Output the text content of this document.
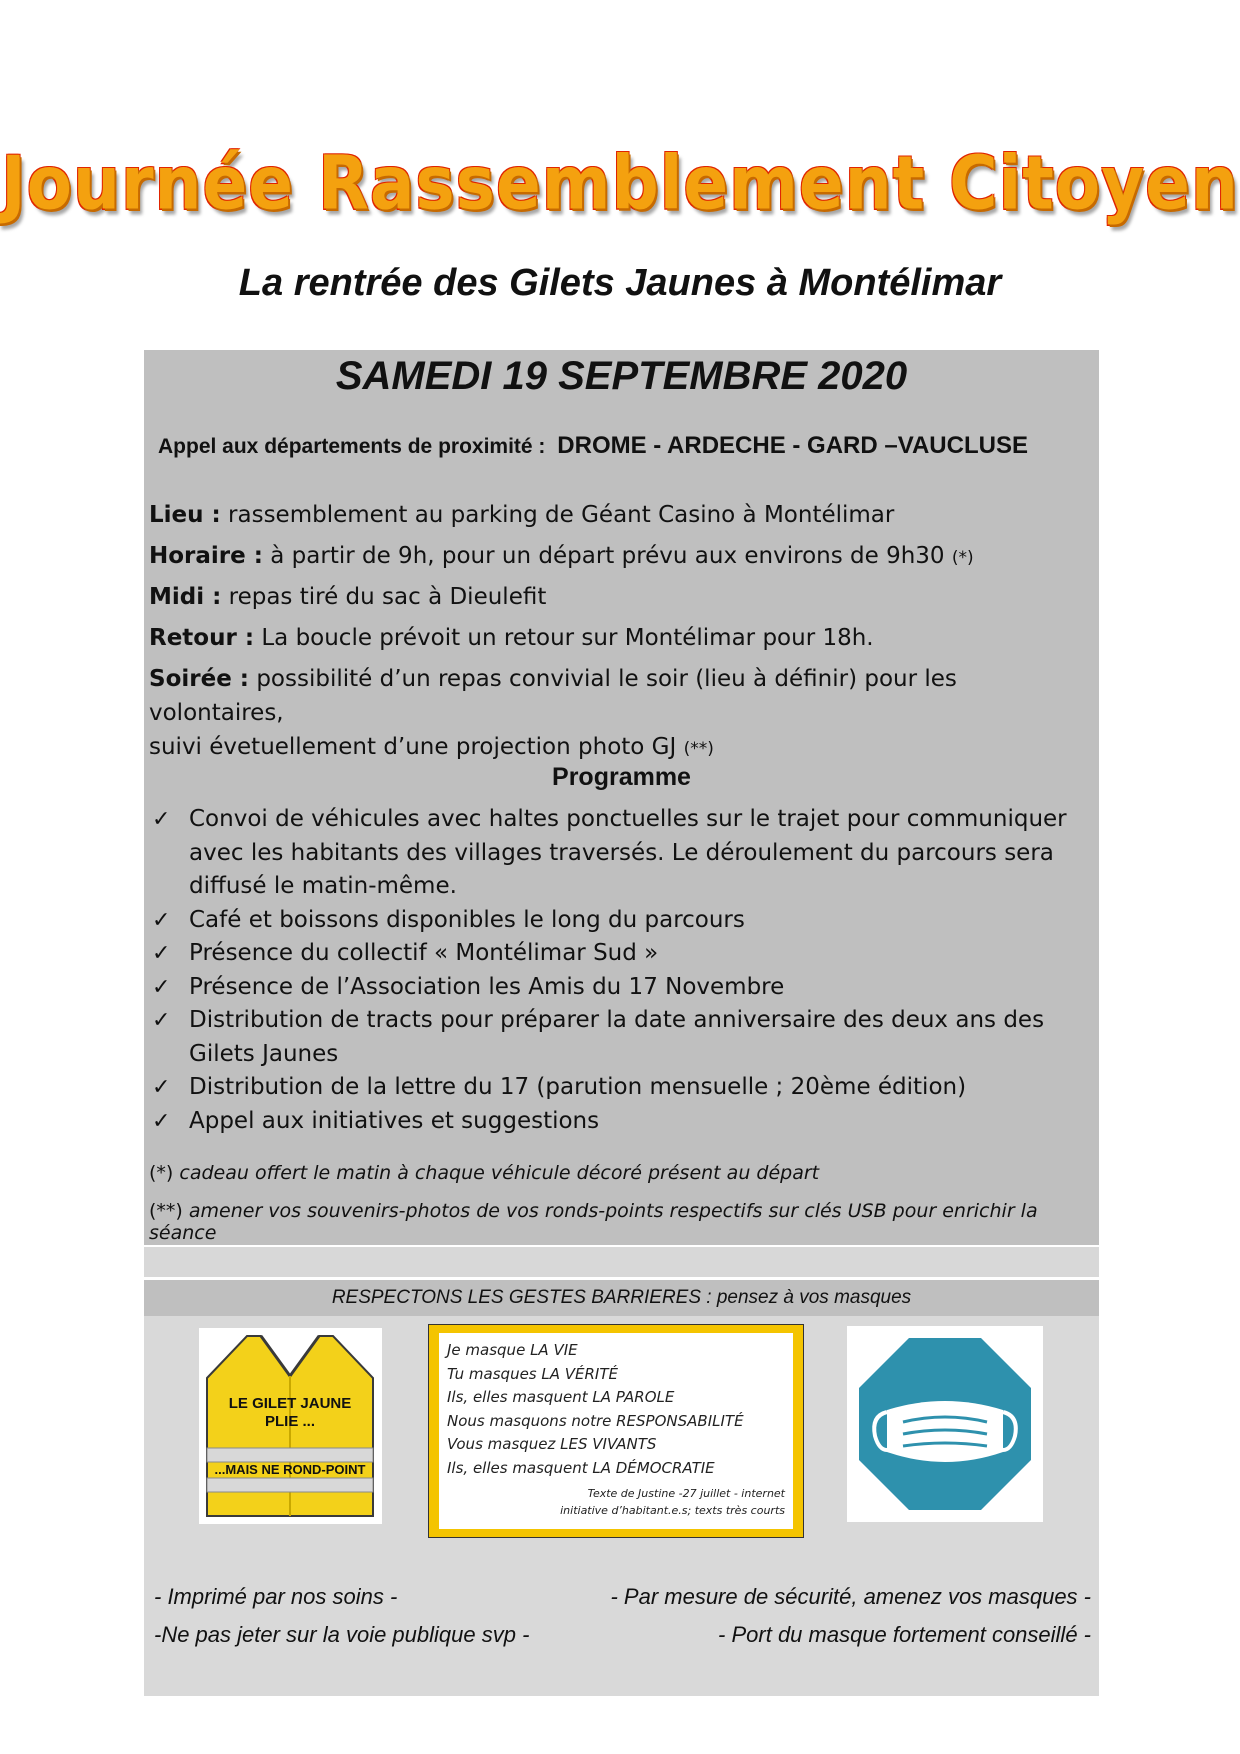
Journée Rassemblement Citoyen
La rentrée des Gilets Jaunes à Montélimar
SAMEDI 19 SEPTEMBRE 2020
Appel aux départements de proximité : DROME - ARDECHE - GARD –VAUCLUSE
Lieu : rassemblement au parking de Géant Casino à Montélimar
Horaire : à partir de 9h, pour un départ prévu aux environs de 9h30 (*)
Midi : repas tiré du sac à Dieulefit
Retour : La boucle prévoit un retour sur Montélimar pour 18h.
Soirée : possibilité d’un repas convivial le soir (lieu à définir) pour les volontaires,
suivi évetuellement d’une projection photo GJ (**)
Programme
✓ Convoi de véhicules avec haltes ponctuelles sur le trajet pour communiquer avec les habitants des villages traversés. Le déroulement du parcours sera diffusé le matin-même.
✓ Café et boissons disponibles le long du parcours
✓ Présence du collectif « Montélimar Sud »
✓ Présence de l’Association les Amis du 17 Novembre
✓ Distribution de tracts pour préparer la date anniversaire des deux ans des Gilets Jaunes
✓ Distribution de la lettre du 17 (parution mensuelle ; 20ème édition)
✓ Appel aux initiatives et suggestions
(*) cadeau offert le matin à chaque véhicule décoré présent au départ
(**) amener vos souvenirs-photos de vos ronds-points respectifs sur clés USB pour enrichir la séance
RESPECTONS LES GESTES BARRIERES : pensez à vos masques
LE GILET JAUNE
PLIE ...
...MAIS NE ROND-POINT
Je masque LA VIE
Tu masques LA VÉRITÉ
Ils, elles masquent LA PAROLE
Nous masquons notre RESPONSABILITÉ
Vous masquez LES VIVANTS
Ils, elles masquent LA DÉMOCRATIE
Texte de Justine -27 juillet - internet
initiative d’habitant.e.s; texts très courts
- Imprimé par nos soins -
-Ne pas jeter sur la voie publique svp -
- Par mesure de sécurité, amenez vos masques -
- Port du masque fortement conseillé -
